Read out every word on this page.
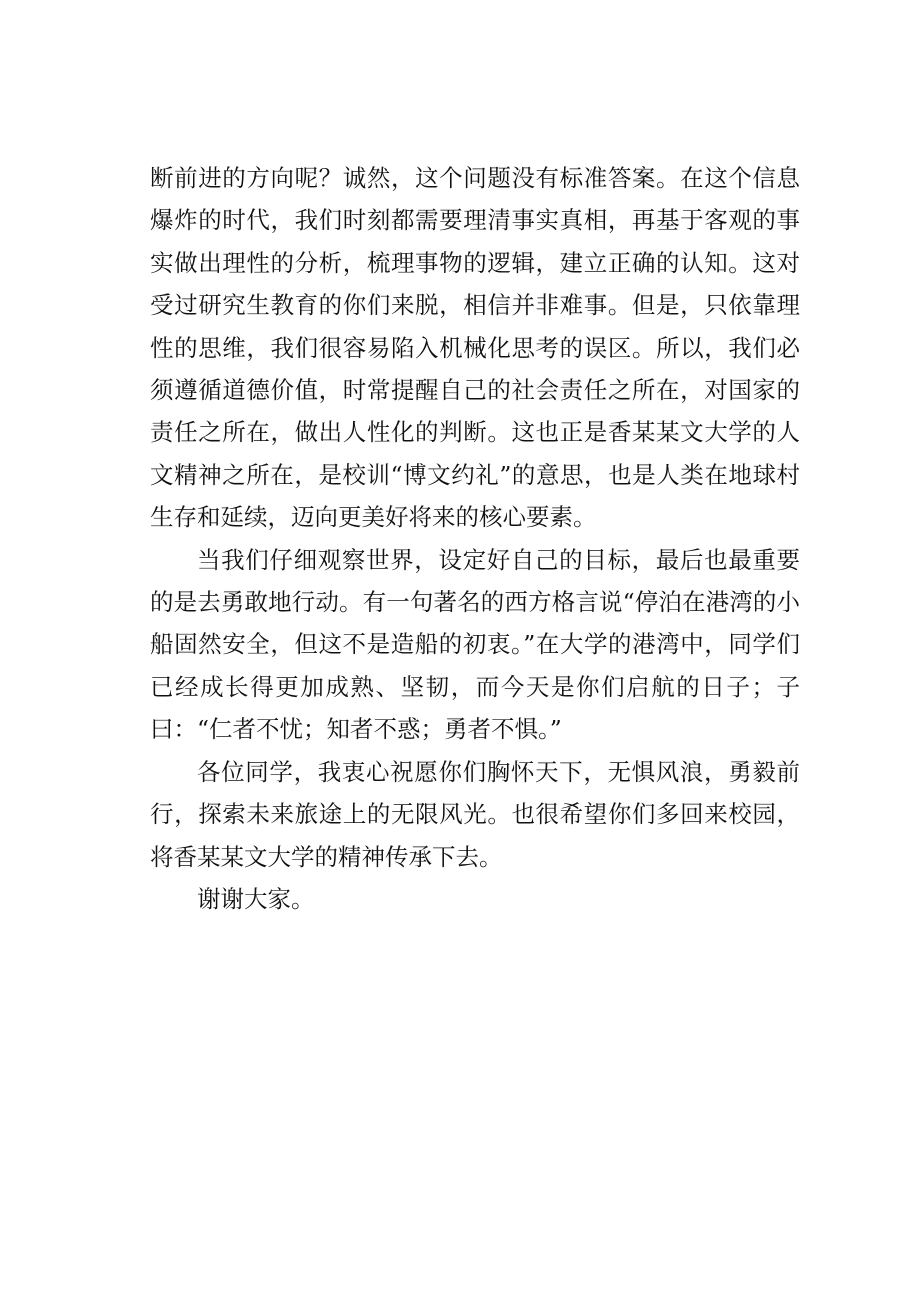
断前进的方向呢？诚然，这个问题没有标准答案。在这个信息爆炸的时代，我们时刻都需要理清事实真相，再基于客观的事实做出理性的分析，梳理事物的逻辑，建立正确的认知。这对受过研究生教育的你们来脱，相信并非难事。但是，只依靠理性的思维，我们很容易陷入机械化思考的误区。所以，我们必须遵循道德价值，时常提醒自己的社会责任之所在，对国家的责任之所在，做出人性化的判断。这也正是香某某文大学的人文精神之所在，是校训“博文约礼”的意思，也是人类在地球村生存和延续，迈向更美好将来的核心要素。

当我们仔细观察世界，设定好自己的目标，最后也最重要的是去勇敢地行动。有一句著名的西方格言说“停泊在港湾的小船固然安全，但这不是造船的初衷。”在大学的港湾中，同学们已经成长得更加成熟、坚韧，而今天是你们启航的日子；子曰：“仁者不忧；知者不惑；勇者不惧。”

各位同学，我衷心祝愿你们胸怀天下，无惧风浪，勇毅前行，探索未来旅途上的无限风光。也很希望你们多回来校园，将香某某文大学的精神传承下去。

谢谢大家。
